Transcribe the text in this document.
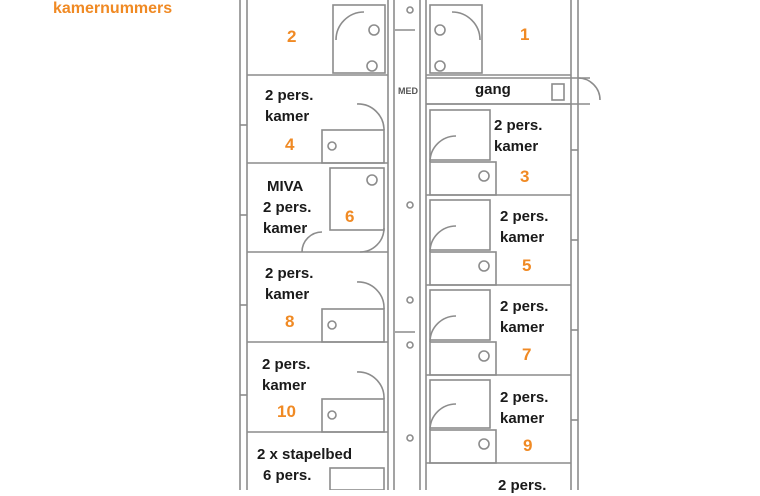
kamernummers
MED	gang
2	1
2 pers.
kamer
4
2 pers.
kamer
3
MIVA
2 pers.
kamer
6	2 pers.
kamer
5
2 pers.
kamer
8
2 pers.
kamer
7
2 pers.
kamer
10
2 pers.
kamer
9
2 x stapelbed
6 pers.
2 pers.
